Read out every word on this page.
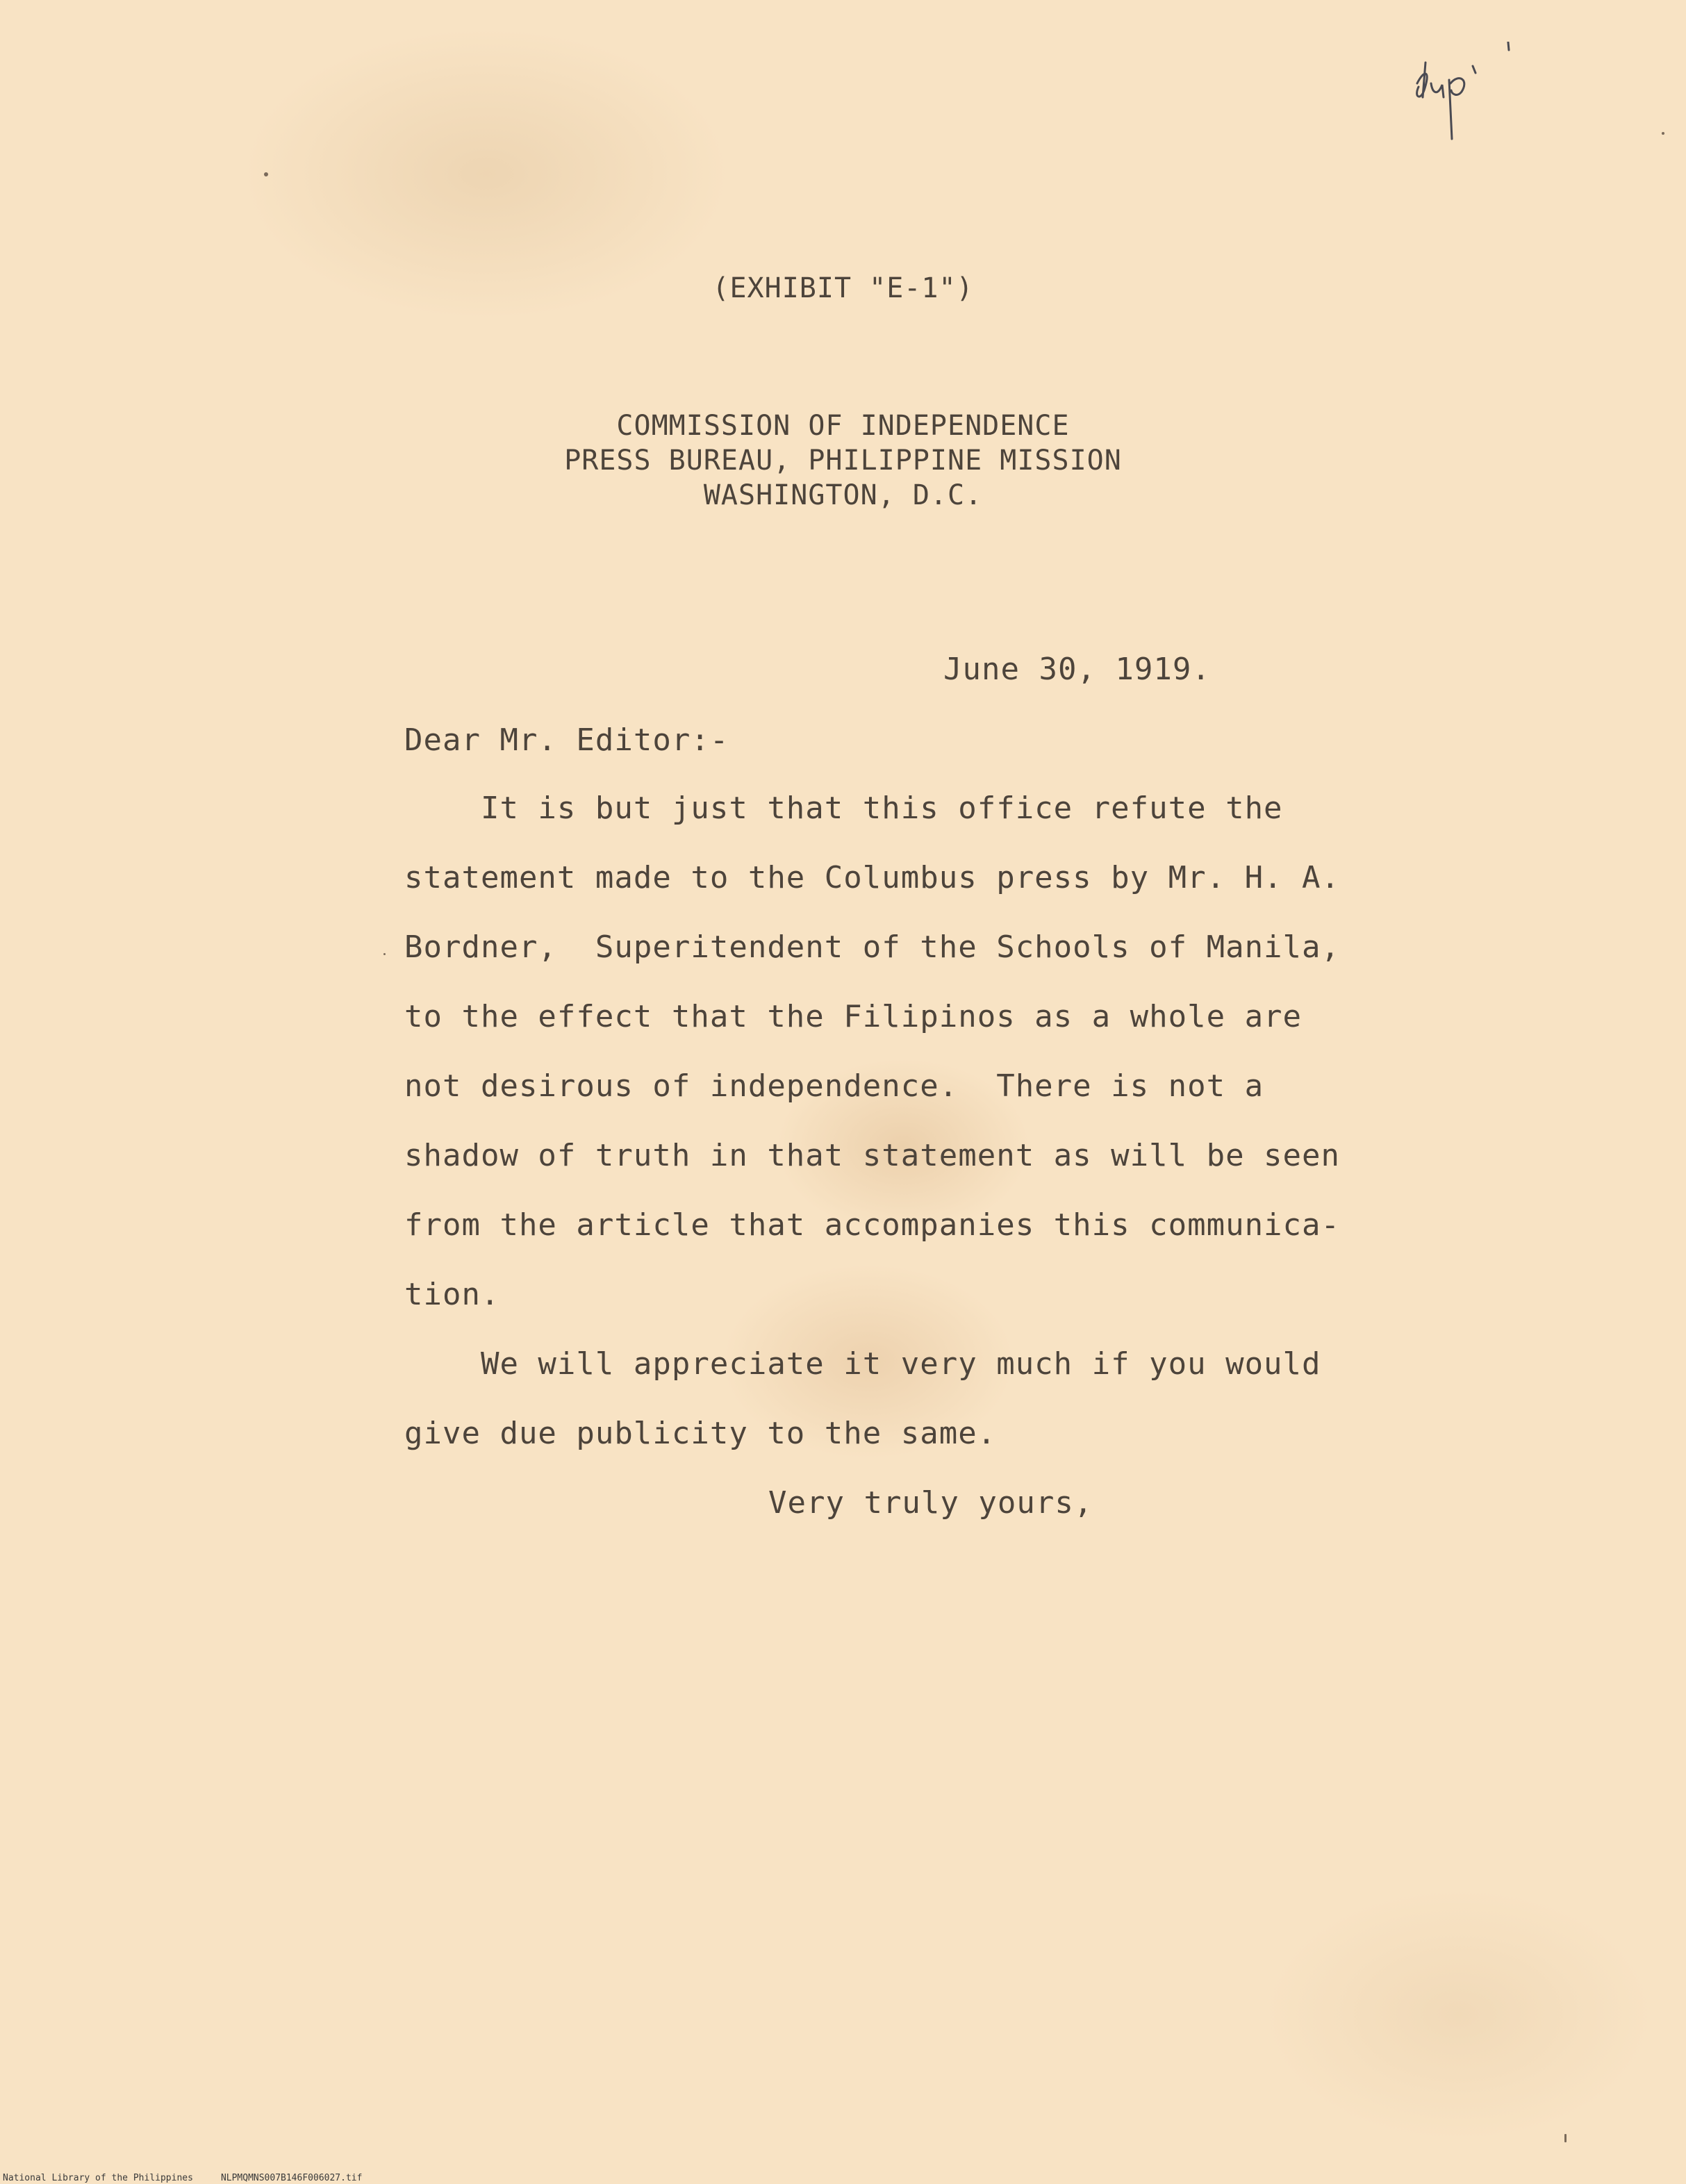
(EXHIBIT "E-1")
COMMISSION OF INDEPENDENCE
PRESS BUREAU, PHILIPPINE MISSION
WASHINGTON, D.C.
June 30, 1919.
Dear Mr. Editor:-
It is but just that this office refute the
statement made to the Columbus press by Mr. H. A.
Bordner,  Superitendent of the Schools of Manila,
to the effect that the Filipinos as a whole are
not desirous of independence.  There is not a
shadow of truth in that statement as will be seen
from the article that accompanies this communica-
tion.
We will appreciate it very much if you would
give due publicity to the same.
Very truly yours,
National Library of the Philippines	NLPMQMNS007B146F006027.tif
